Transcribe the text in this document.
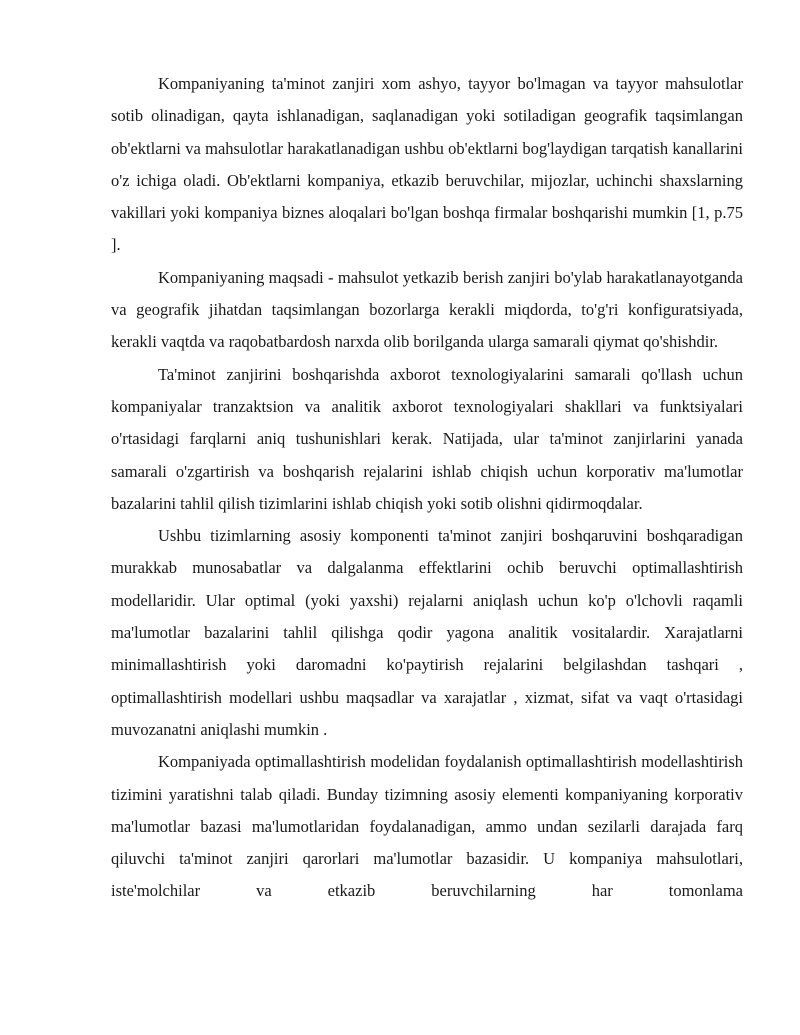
Kompaniyaning ta'minot zanjiri xom ashyo, tayyor bo'lmagan va tayyor mahsulotlar sotib olinadigan, qayta ishlanadigan, saqlanadigan yoki sotiladigan geografik taqsimlangan ob'ektlarni va mahsulotlar harakatlanadigan ushbu ob'ektlarni bog'laydigan tarqatish kanallarini o'z ichiga oladi. Ob'ektlarni kompaniya, etkazib beruvchilar, mijozlar, uchinchi shaxslarning vakillari yoki kompaniya biznes aloqalari bo'lgan boshqa firmalar boshqarishi mumkin [1, p.75 ].

Kompaniyaning maqsadi - mahsulot yetkazib berish zanjiri bo'ylab harakatlanayotganda va geografik jihatdan taqsimlangan bozorlarga kerakli miqdorda, to'g'ri konfiguratsiyada, kerakli vaqtda va raqobatbardosh narxda olib borilganda ularga samarali qiymat qo'shishdir.

Ta'minot zanjirini boshqarishda axborot texnologiyalarini samarali qo'llash uchun kompaniyalar tranzaktsion va analitik axborot texnologiyalari shakllari va funktsiyalari o'rtasidagi farqlarni aniq tushunishlari kerak. Natijada, ular ta'minot zanjirlarini yanada samarali o'zgartirish va boshqarish rejalarini ishlab chiqish uchun korporativ ma'lumotlar bazalarini tahlil qilish tizimlarini ishlab chiqish yoki sotib olishni qidirmoqdalar.

Ushbu tizimlarning asosiy komponenti ta'minot zanjiri boshqaruvini boshqaradigan murakkab munosabatlar va dalgalanma effektlarini ochib beruvchi optimallashtirish modellaridir. Ular optimal (yoki yaxshi) rejalarni aniqlash uchun ko'p o'lchovli raqamli ma'lumotlar bazalarini tahlil qilishga qodir yagona analitik vositalardir. Xarajatlarni minimallashtirish yoki daromadni ko'paytirish rejalarini belgilashdan tashqari , optimallashtirish modellari ushbu maqsadlar va xarajatlar , xizmat, sifat va vaqt o'rtasidagi muvozanatni aniqlashi mumkin .

Kompaniyada optimallashtirish modelidan foydalanish optimallashtirish modellashtirish tizimini yaratishni talab qiladi. Bunday tizimning asosiy elementi kompaniyaning korporativ ma'lumotlar bazasi ma'lumotlaridan foydalanadigan, ammo undan sezilarli darajada farq qiluvchi ta'minot zanjiri qarorlari ma'lumotlar bazasidir. U kompaniya mahsulotlari, iste'molchilar va etkazib beruvchilarning har tomonlama
